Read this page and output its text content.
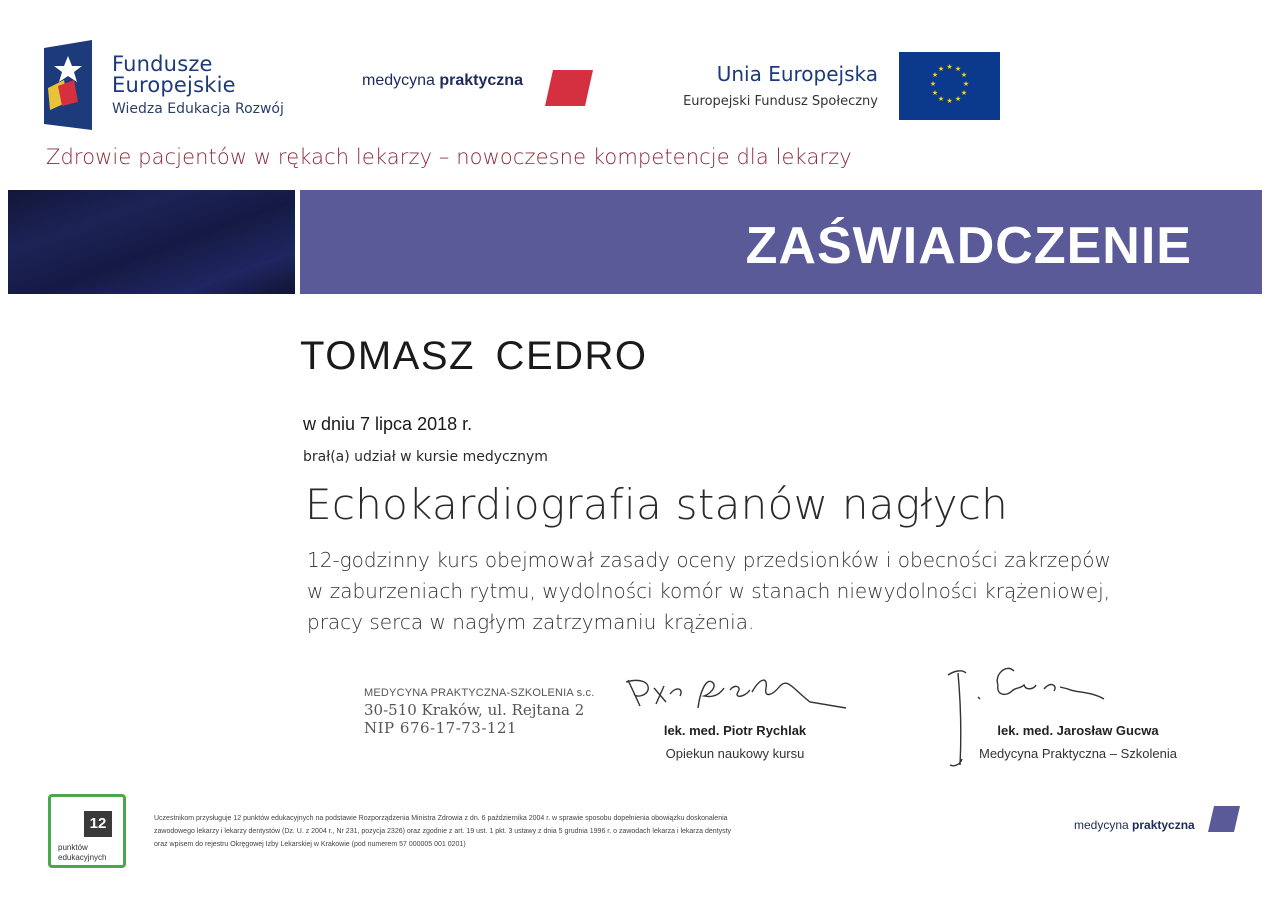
Fundusze
Europejskie
Wiedza Edukacja Rozwój
medycyna praktyczna	Unia Europejska
Europejski Fundusz Społeczny
★ ★
★
★
★
★
★
★
★
★
★
★
Zdrowie pacjentów w rękach lekarzy – nowoczesne kompetencje dla lekarzy
ZAŚWIADCZENIE
TOMASZ CEDRO
w dniu 7 lipca 2018 r.
brał(a) udział w kursie medycznym
Echokardiografia stanów nagłych
12-godzinny kurs obejmował zasady oceny przedsionków i obecności zakrzepów
w zaburzeniach rytmu, wydolności komór w stanach niewydolności krążeniowej,
pracy serca w nagłym zatrzymaniu krążenia.
MEDYCYNA PRAKTYCZNA-SZKOLENIA s.c.
30-510 Kraków, ul. Rejtana 2
NIP 676-17-73-121	lek. med. Piotr Rychlak
Opiekun naukowy kursu
lek. med. Jarosław Gucwa
Medycyna Praktyczna – Szkolenia
12
punktów
edukacyjnych
Uczestnikom przysługuje 12 punktów edukacyjnych na podstawie Rozporządzenia Ministra Zdrowia z dn. 6 października 2004 r. w sprawie sposobu dopełnienia obowiązku doskonalenia
zawodowego lekarzy i lekarzy dentystów (Dz. U. z 2004 r., Nr 231, pozycja 2326) oraz zgodnie z art. 19 ust. 1 pkt. 3 ustawy z dnia 5 grudnia 1996 r. o zawodach lekarza i lekarza dentysty
oraz wpisem do rejestru Okręgowej Izby Lekarskiej w Krakowie (pod numerem 57 000005 001 0201)
medycyna praktyczna
